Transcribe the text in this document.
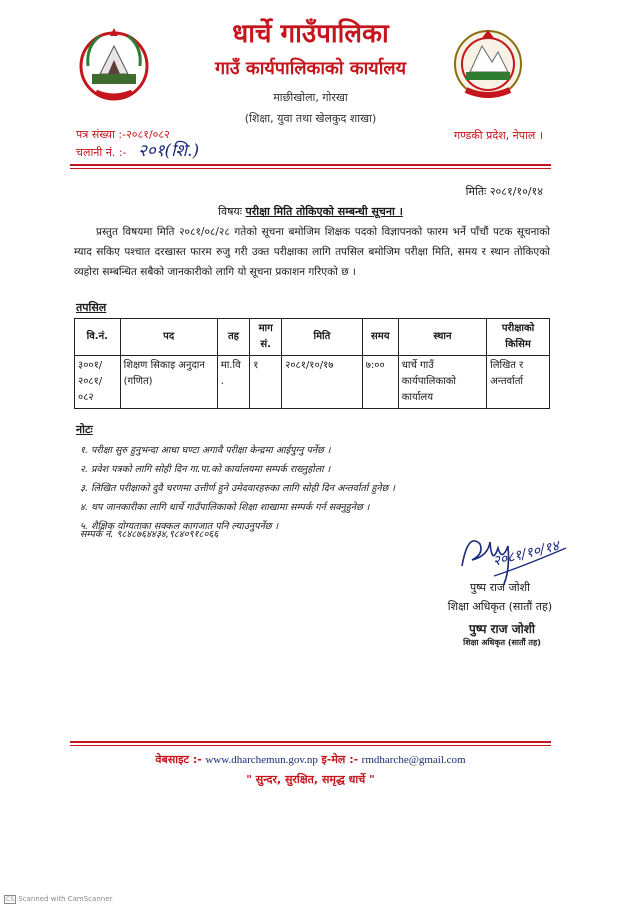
धार्चे गाउँपालिका
गाउँ कार्यपालिकाको कार्यालय
माछीखोला, गोरखा
(शिक्षा, युवा तथा खेलकुद शाखा)
पत्र संख्या :-२०८१/०८२
चलानी नं. :- २०१(शि.)
गण्डकी प्रदेश, नेपाल ।
मितिः २०८१/१०/१४
विषयः परीक्षा मिति तोकिएको सम्बन्धी सूचना ।
प्रस्तुत विषयमा मिति २०८१/०८/२८ गतेको सूचना बमोजिम शिक्षक पदको विज्ञापनको फारम भर्ने पाँचौं पटक सूचनाको म्याद सकिए पश्चात दरखास्त फारम रुजु गरी उक्त परीक्षाका लागि तपसिल बमोजिम परीक्षा मिति, समय र स्थान तोकिएको व्यहोरा सम्बन्धित सबैको जानकारीको लागि यो सूचना प्रकाशन गरिएको छ ।
तपसिल
वि.नं.	पद	तह	माग सं.	मिति	समय	स्थान	परीक्षाको किसिम
३००१/ २०८१/ ०८२	शिक्षण सिकाइ अनुदान (गणित)	मा.वि .	१	२०८१/१०/१७	७:००	धार्चे गाउँ कार्यपालिकाको कार्यालय	लिखित र अन्तर्वार्ता
नोटः
१. परीक्षा सुरु हुनुभन्दा आधा घण्टा अगावै परीक्षा केन्द्रमा आईपुग्नु पर्नेछ ।
२. प्रवेश पत्रको लागि सोही दिन गा.पा.को कार्यालयमा सम्पर्क राख्नुहोला ।
३. लिखित परीक्षाको दुवै चरणमा उत्तीर्ण हुने उमेदवारहरुका लागि सोही दिन अन्तर्वार्ता हुनेछ ।
४. थप जानकारीका लागि धार्चे गाउँपालिकाको शिक्षा शाखामा सम्पर्क गर्न सक्नुहुनेछ ।
५. शैक्षिक योग्यताका सक्कल कागजात पनि ल्याउनुपर्नेछ ।
सम्पर्क नं. ९८४८७६४४३४,९८४०९१८०६६
२०८१/१०/१४
पुष्प राज जोशी
शिक्षा अधिकृत (सातौं तह)
पुष्प राज जोशी
शिक्षा अधिकृत (सातौं तह)
वेबसाइट :- www.dharchemun.gov.np इ-मेल :- rmdharche@gmail.com
" सुन्दर, सुरक्षित, समृद्ध धार्चे "
CS Scanned with CamScanner
